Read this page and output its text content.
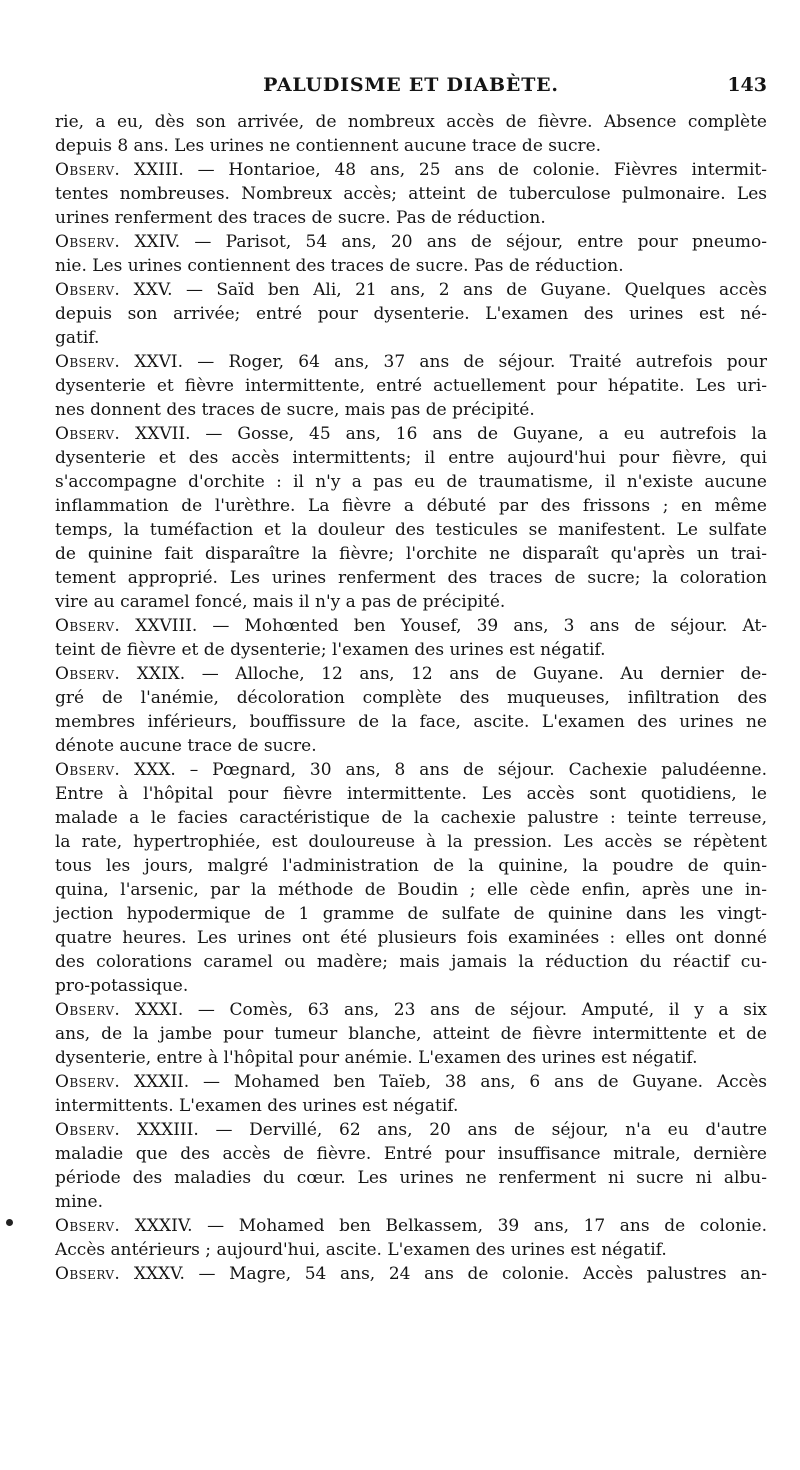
PALUDISME ET DIABÈTE.	143
rie, a eu, dès son arrivée, de nombreux accès de fièvre. Absence complète
depuis 8 ans. Les urines ne contiennent aucune trace de sucre.
Observ. XXIII. — Hontarioe, 48 ans, 25 ans de colonie. Fièvres intermit-
tentes nombreuses. Nombreux accès; atteint de tuberculose pulmonaire. Les
urines renferment des traces de sucre. Pas de réduction.
Observ. XXIV. — Parisot, 54 ans, 20 ans de séjour, entre pour pneumo-
nie. Les urines contiennent des traces de sucre. Pas de réduction.
Observ. XXV. — Saïd ben Ali, 21 ans, 2 ans de Guyane. Quelques accès
depuis son arrivée; entré pour dysenterie. L'examen des urines est né-
gatif.
Observ. XXVI. — Roger, 64 ans, 37 ans de séjour. Traité autrefois pour
dysenterie et fièvre intermittente, entré actuellement pour hépatite. Les uri-
nes donnent des traces de sucre, mais pas de précipité.
Observ. XXVII. — Gosse, 45 ans, 16 ans de Guyane, a eu autrefois la
dysenterie et des accès intermittents; il entre aujourd'hui pour fièvre, qui
s'accompagne d'orchite : il n'y a pas eu de traumatisme, il n'existe aucune
inflammation de l'urèthre. La fièvre a débuté par des frissons ; en même
temps, la tuméfaction et la douleur des testicules se manifestent. Le sulfate
de quinine fait disparaître la fièvre; l'orchite ne disparaît qu'après un trai-
tement approprié. Les urines renferment des traces de sucre; la coloration
vire au caramel foncé, mais il n'y a pas de précipité.
Observ. XXVIII. — Mohœnted ben Yousef, 39 ans, 3 ans de séjour. At-
teint de fièvre et de dysenterie; l'examen des urines est négatif.
Observ. XXIX. — Alloche, 12 ans, 12 ans de Guyane. Au dernier de-
gré de l'anémie, décoloration complète des muqueuses, infiltration des
membres inférieurs, bouffissure de la face, ascite. L'examen des urines ne
dénote aucune trace de sucre.
Observ. XXX. – Pœgnard, 30 ans, 8 ans de séjour. Cachexie paludéenne.
Entre à l'hôpital pour fièvre intermittente. Les accès sont quotidiens, le
malade a le facies caractéristique de la cachexie palustre : teinte terreuse,
la rate, hypertrophiée, est douloureuse à la pression. Les accès se répètent
tous les jours, malgré l'administration de la quinine, la poudre de quin-
quina, l'arsenic, par la méthode de Boudin ; elle cède enfin, après une in-
jection hypodermique de 1 gramme de sulfate de quinine dans les vingt-
quatre heures. Les urines ont été plusieurs fois examinées : elles ont donné
des colorations caramel ou madère; mais jamais la réduction du réactif cu-
pro-potassique.
Observ. XXXI. — Comès, 63 ans, 23 ans de séjour. Amputé, il y a six
ans, de la jambe pour tumeur blanche, atteint de fièvre intermittente et de
dysenterie, entre à l'hôpital pour anémie. L'examen des urines est négatif.
Observ. XXXII. — Mohamed ben Taïeb, 38 ans, 6 ans de Guyane. Accès
intermittents. L'examen des urines est négatif.
Observ. XXXIII. — Dervillé, 62 ans, 20 ans de séjour, n'a eu d'autre
maladie que des accès de fièvre. Entré pour insuffisance mitrale, dernière
période des maladies du cœur. Les urines ne renferment ni sucre ni albu-
mine.
Observ. XXXIV. — Mohamed ben Belkassem, 39 ans, 17 ans de colonie.
Accès antérieurs ; aujourd'hui, ascite. L'examen des urines est négatif.
Observ. XXXV. — Magre, 54 ans, 24 ans de colonie. Accès palustres an-
